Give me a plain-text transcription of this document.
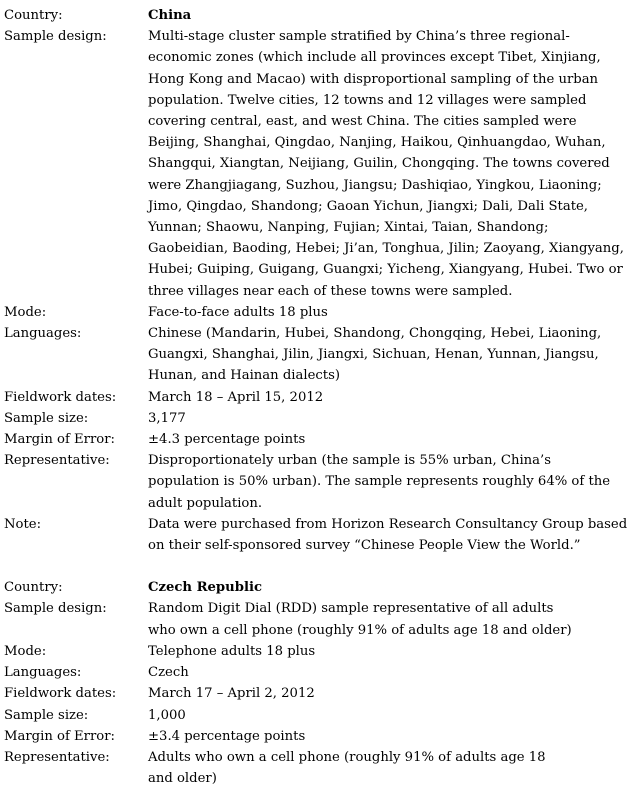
Country:	China
Sample design:	Multi-stage cluster sample stratified by China’s three regional-economic zones (which include all provinces except Tibet, Xinjiang, Hong Kong and Macao) with disproportional sampling of the urban population. Twelve cities, 12 towns and 12 villages were sampled covering central, east, and west China. The cities sampled were Beijing, Shanghai, Qingdao, Nanjing, Haikou, Qinhuangdao, Wuhan, Shangqui, Xiangtan, Neijiang, Guilin, Chongqing. The towns covered were Zhangjiagang, Suzhou, Jiangsu; Dashiqiao, Yingkou, Liaoning; Jimo, Qingdao, Shandong; Gaoan Yichun, Jiangxi; Dali, Dali State, Yunnan; Shaowu, Nanping, Fujian; Xintai, Taian, Shandong; Gaobeidian, Baoding, Hebei; Ji’an, Tonghua, Jilin; Zaoyang, Xiangyang, Hubei; Guiping, Guigang, Guangxi; Yicheng, Xiangyang, Hubei. Two or three villages near each of these towns were sampled.
Mode:	Face-to-face adults 18 plus
Languages:	Chinese (Mandarin, Hubei, Shandong, Chongqing, Hebei, Liaoning, Guangxi, Shanghai, Jilin, Jiangxi, Sichuan, Henan, Yunnan, Jiangsu, Hunan, and Hainan dialects)
Fieldwork dates:	March 18 – April 15, 2012
Sample size:	3,177
Margin of Error:	±4.3 percentage points
Representative:	Disproportionately urban (the sample is 55% urban, China’s population is 50% urban). The sample represents roughly 64% of the adult population.
Note:	Data were purchased from Horizon Research Consultancy Group based on their self-sponsored survey “Chinese People View the World.”
Country:	Czech Republic
Sample design:	Random Digit Dial (RDD) sample representative of all adults who own a cell phone (roughly 91% of adults age 18 and older)
Mode:	Telephone adults 18 plus
Languages:	Czech
Fieldwork dates:	March 17 – April 2, 2012
Sample size:	1,000
Margin of Error:	±3.4 percentage points
Representative:	Adults who own a cell phone (roughly 91% of adults age 18 and older)
